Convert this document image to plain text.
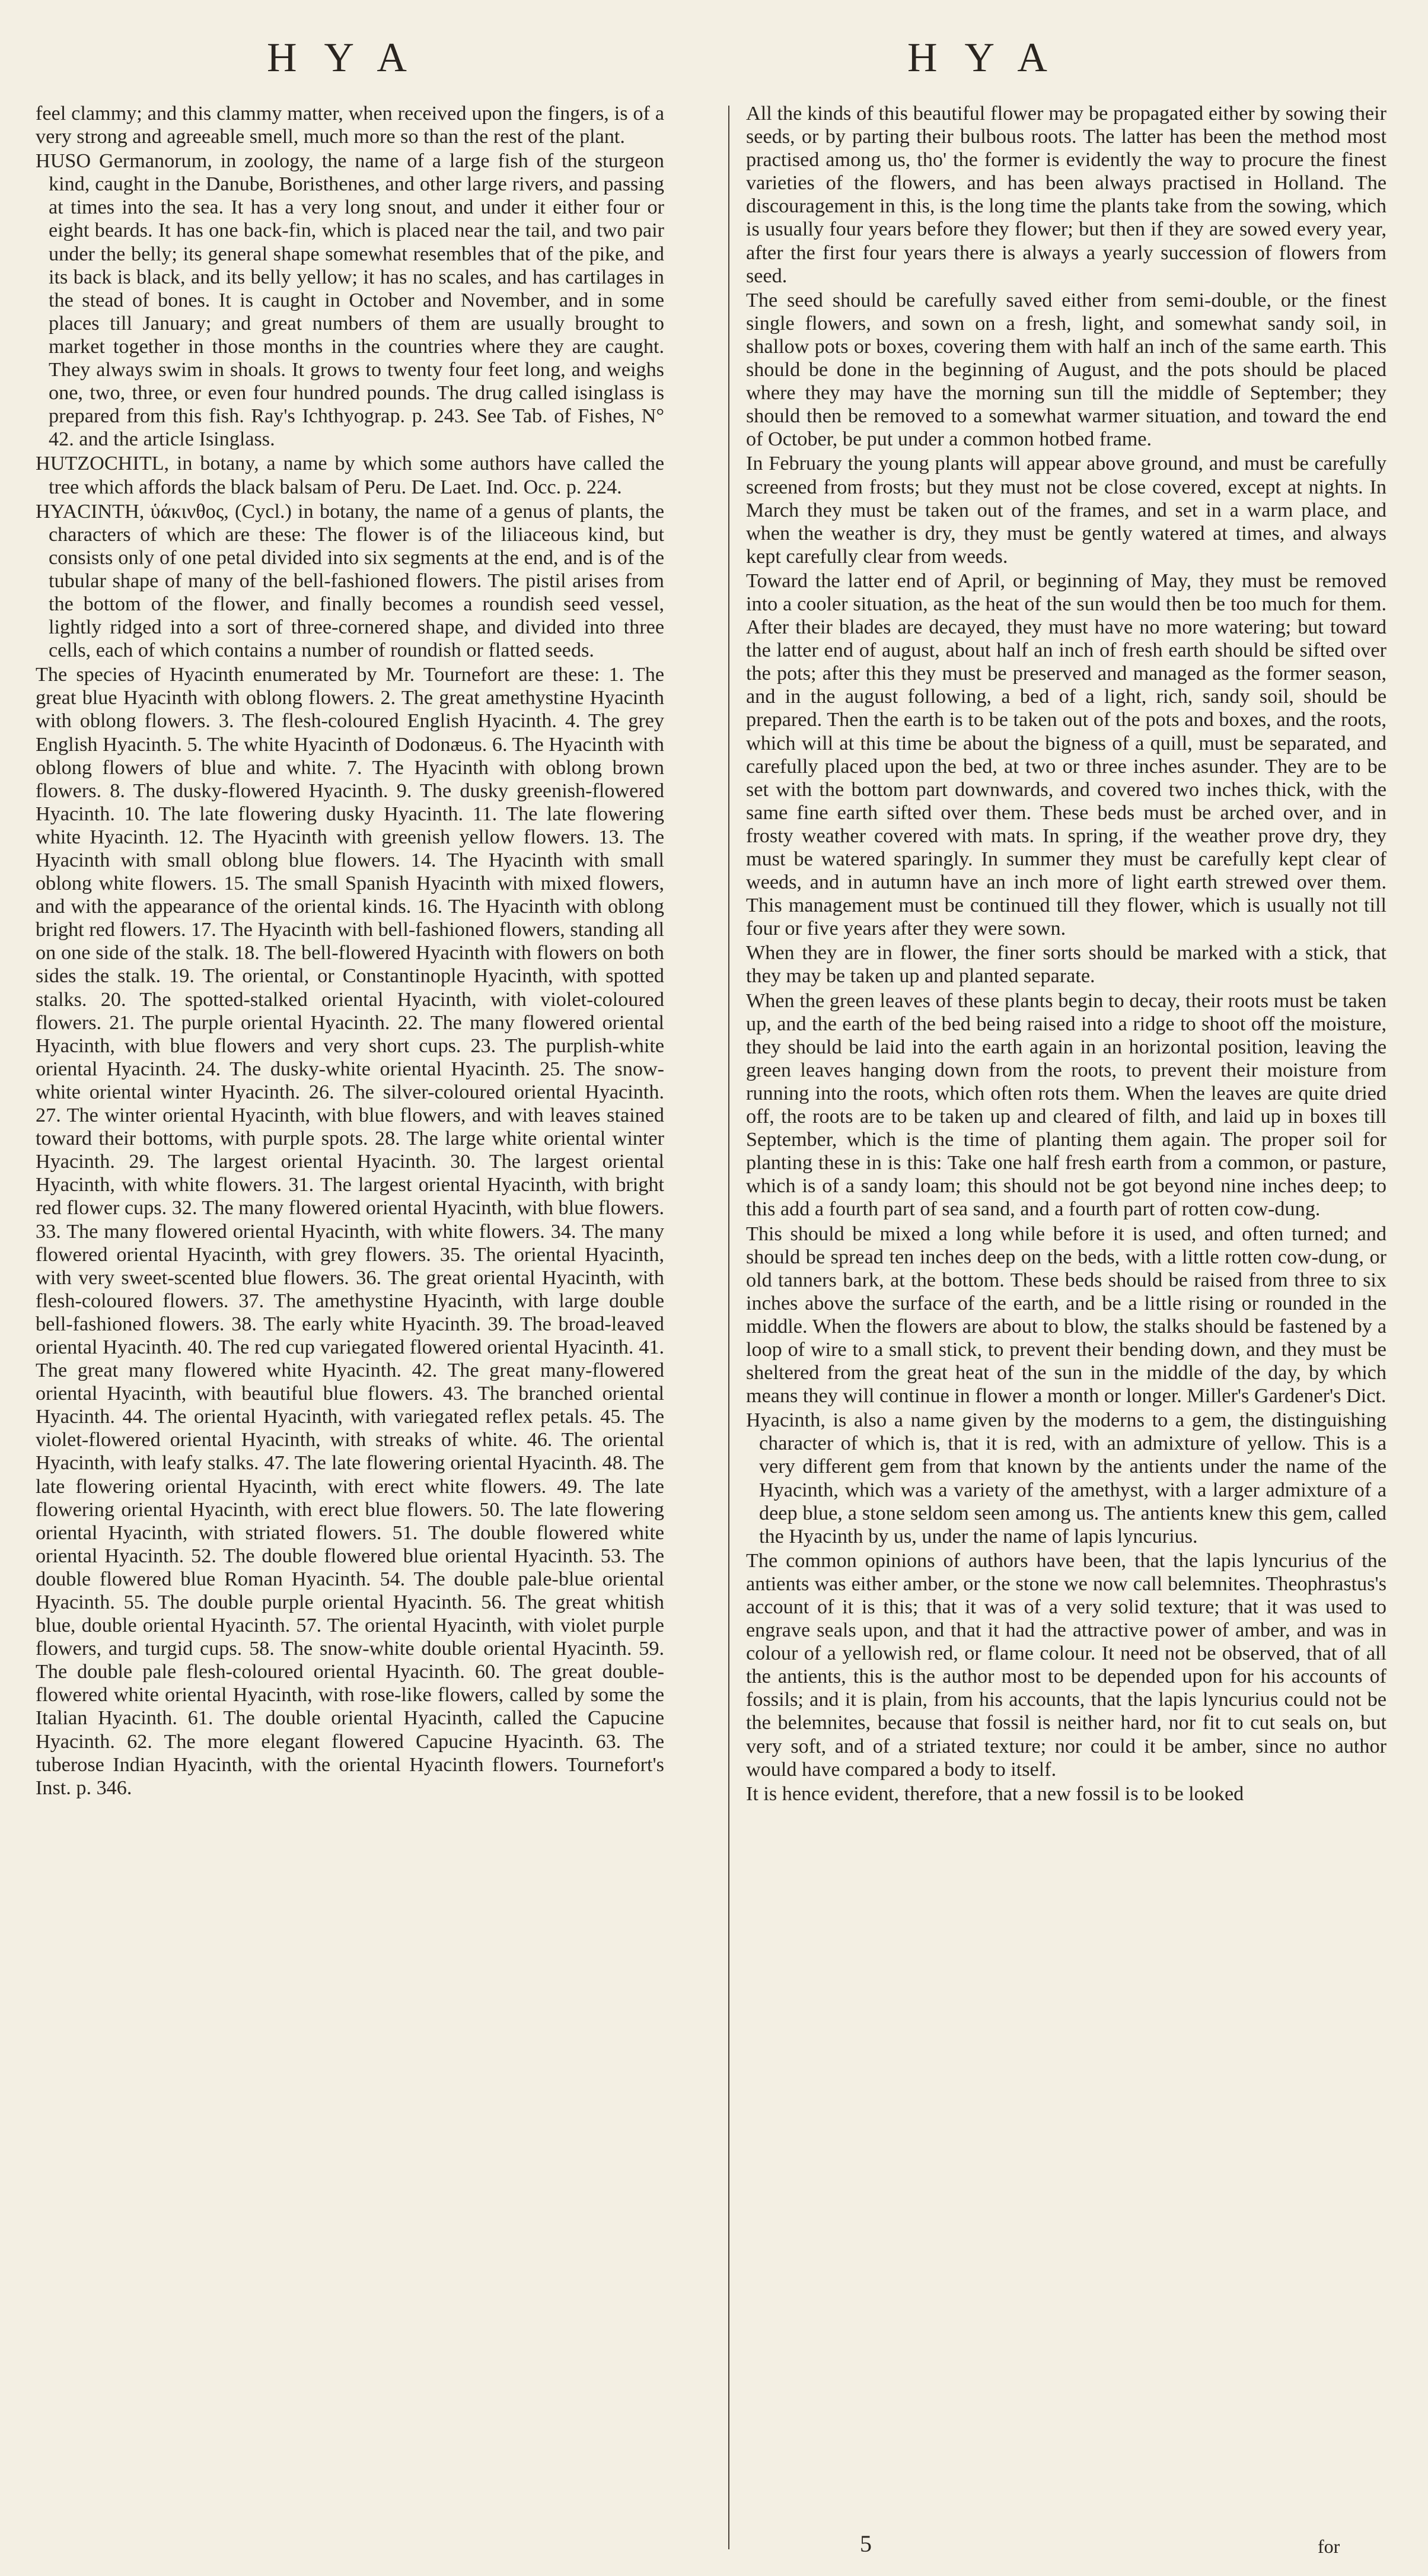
HYA	HYA

feel clammy; and this clammy matter, when received upon the fingers, is of a very strong and agreeable smell, much more so than the rest of the plant.

HUSO Germanorum, in zoology, the name of a large fish of the sturgeon kind, caught in the Danube, Boristhenes, and other large rivers, and passing at times into the sea. It has a very long snout, and under it either four or eight beards. It has one back-fin, which is placed near the tail, and two pair under the belly; its general shape somewhat resembles that of the pike, and its back is black, and its belly yellow; it has no scales, and has cartilages in the stead of bones. It is caught in October and November, and in some places till January; and great numbers of them are usually brought to market together in those months in the countries where they are caught. They always swim in shoals. It grows to twenty four feet long, and weighs one, two, three, or even four hundred pounds. The drug called isinglass is prepared from this fish. Ray's Ichthyograp. p. 243. See Tab. of Fishes, N° 42. and the article Isinglass.

HUTZOCHITL, in botany, a name by which some authors have called the tree which affords the black balsam of Peru. De Laet. Ind. Occ. p. 224.

HYACINTH, ὑάκινθος, (Cycl.) in botany, the name of a genus of plants, the characters of which are these: The flower is of the liliaceous kind, but consists only of one petal divided into six segments at the end, and is of the tubular shape of many of the bell-fashioned flowers. The pistil arises from the bottom of the flower, and finally becomes a roundish seed vessel, lightly ridged into a sort of three-cornered shape, and divided into three cells, each of which contains a number of roundish or flatted seeds.

The species of Hyacinth enumerated by Mr. Tournefort are these: 1. The great blue Hyacinth with oblong flowers. 2. The great amethystine Hyacinth with oblong flowers. 3. The flesh-coloured English Hyacinth. 4. The grey English Hyacinth. 5. The white Hyacinth of Dodonæus. 6. The Hyacinth with oblong flowers of blue and white. 7. The Hyacinth with oblong brown flowers. 8. The dusky-flowered Hyacinth. 9. The dusky greenish-flowered Hyacinth. 10. The late flowering dusky Hyacinth. 11. The late flowering white Hyacinth. 12. The Hyacinth with greenish yellow flowers. 13. The Hyacinth with small oblong blue flowers. 14. The Hyacinth with small oblong white flowers. 15. The small Spanish Hyacinth with mixed flowers, and with the appearance of the oriental kinds. 16. The Hyacinth with oblong bright red flowers. 17. The Hyacinth with bell-fashioned flowers, standing all on one side of the stalk. 18. The bell-flowered Hyacinth with flowers on both sides the stalk. 19. The oriental, or Constantinople Hyacinth, with spotted stalks. 20. The spotted-stalked oriental Hyacinth, with violet-coloured flowers. 21. The purple oriental Hyacinth. 22. The many flowered oriental Hyacinth, with blue flowers and very short cups. 23. The purplish-white oriental Hyacinth. 24. The dusky-white oriental Hyacinth. 25. The snow-white oriental winter Hyacinth. 26. The silver-coloured oriental Hyacinth. 27. The winter oriental Hyacinth, with blue flowers, and with leaves stained toward their bottoms, with purple spots. 28. The large white oriental winter Hyacinth. 29. The largest oriental Hyacinth. 30. The largest oriental Hyacinth, with white flowers. 31. The largest oriental Hyacinth, with bright red flower cups. 32. The many flowered oriental Hyacinth, with blue flowers. 33. The many flowered oriental Hyacinth, with white flowers. 34. The many flowered oriental Hyacinth, with grey flowers. 35. The oriental Hyacinth, with very sweet-scented blue flowers. 36. The great oriental Hyacinth, with flesh-coloured flowers. 37. The amethystine Hyacinth, with large double bell-fashioned flowers. 38. The early white Hyacinth. 39. The broad-leaved oriental Hyacinth. 40. The red cup variegated flowered oriental Hyacinth. 41. The great many flowered white Hyacinth. 42. The great many-flowered oriental Hyacinth, with beautiful blue flowers. 43. The branched oriental Hyacinth. 44. The oriental Hyacinth, with variegated reflex petals. 45. The violet-flowered oriental Hyacinth, with streaks of white. 46. The oriental Hyacinth, with leafy stalks. 47. The late flowering oriental Hyacinth. 48. The late flowering oriental Hyacinth, with erect white flowers. 49. The late flowering oriental Hyacinth, with erect blue flowers. 50. The late flowering oriental Hyacinth, with striated flowers. 51. The double flowered white oriental Hyacinth. 52. The double flowered blue oriental Hyacinth. 53. The double flowered blue Roman Hyacinth. 54. The double pale-blue oriental Hyacinth. 55. The double purple oriental Hyacinth. 56. The great whitish blue, double oriental Hyacinth. 57. The oriental Hyacinth, with violet purple flowers, and turgid cups. 58. The snow-white double oriental Hyacinth. 59. The double pale flesh-coloured oriental Hyacinth. 60. The great double-flowered white oriental Hyacinth, with rose-like flowers, called by some the Italian Hyacinth. 61. The double oriental Hyacinth, called the Capucine Hyacinth. 62. The more elegant flowered Capucine Hyacinth. 63. The tuberose Indian Hyacinth, with the oriental Hyacinth flowers. Tournefort's Inst. p. 346.

All the kinds of this beautiful flower may be propagated either by sowing their seeds, or by parting their bulbous roots. The latter has been the method most practised among us, tho' the former is evidently the way to procure the finest varieties of the flowers, and has been always practised in Holland. The discouragement in this, is the long time the plants take from the sowing, which is usually four years before they flower; but then if they are sowed every year, after the first four years there is always a yearly succession of flowers from seed.

The seed should be carefully saved either from semi-double, or the finest single flowers, and sown on a fresh, light, and somewhat sandy soil, in shallow pots or boxes, covering them with half an inch of the same earth. This should be done in the beginning of August, and the pots should be placed where they may have the morning sun till the middle of September; they should then be removed to a somewhat warmer situation, and toward the end of October, be put under a common hotbed frame.

In February the young plants will appear above ground, and must be carefully screened from frosts; but they must not be close covered, except at nights. In March they must be taken out of the frames, and set in a warm place, and when the weather is dry, they must be gently watered at times, and always kept carefully clear from weeds.

Toward the latter end of April, or beginning of May, they must be removed into a cooler situation, as the heat of the sun would then be too much for them. After their blades are decayed, they must have no more watering; but toward the latter end of august, about half an inch of fresh earth should be sifted over the pots; after this they must be preserved and managed as the former season, and in the august following, a bed of a light, rich, sandy soil, should be prepared. Then the earth is to be taken out of the pots and boxes, and the roots, which will at this time be about the bigness of a quill, must be separated, and carefully placed upon the bed, at two or three inches asunder. They are to be set with the bottom part downwards, and covered two inches thick, with the same fine earth sifted over them. These beds must be arched over, and in frosty weather covered with mats. In spring, if the weather prove dry, they must be watered sparingly. In summer they must be carefully kept clear of weeds, and in autumn have an inch more of light earth strewed over them. This management must be continued till they flower, which is usually not till four or five years after they were sown.

When they are in flower, the finer sorts should be marked with a stick, that they may be taken up and planted separate.

When the green leaves of these plants begin to decay, their roots must be taken up, and the earth of the bed being raised into a ridge to shoot off the moisture, they should be laid into the earth again in an horizontal position, leaving the green leaves hanging down from the roots, to prevent their moisture from running into the roots, which often rots them. When the leaves are quite dried off, the roots are to be taken up and cleared of filth, and laid up in boxes till September, which is the time of planting them again. The proper soil for planting these in is this: Take one half fresh earth from a common, or pasture, which is of a sandy loam; this should not be got beyond nine inches deep; to this add a fourth part of sea sand, and a fourth part of rotten cow-dung.

This should be mixed a long while before it is used, and often turned; and should be spread ten inches deep on the beds, with a little rotten cow-dung, or old tanners bark, at the bottom. These beds should be raised from three to six inches above the surface of the earth, and be a little rising or rounded in the middle. When the flowers are about to blow, the stalks should be fastened by a loop of wire to a small stick, to prevent their bending down, and they must be sheltered from the great heat of the sun in the middle of the day, by which means they will continue in flower a month or longer. Miller's Gardener's Dict.

Hyacinth, is also a name given by the moderns to a gem, the distinguishing character of which is, that it is red, with an admixture of yellow. This is a very different gem from that known by the antients under the name of the Hyacinth, which was a variety of the amethyst, with a larger admixture of a deep blue, a stone seldom seen among us. The antients knew this gem, called the Hyacinth by us, under the name of lapis lyncurius.

The common opinions of authors have been, that the lapis lyncurius of the antients was either amber, or the stone we now call belemnites. Theophrastus's account of it is this; that it was of a very solid texture; that it was used to engrave seals upon, and that it had the attractive power of amber, and was in colour of a yellowish red, or flame colour. It need not be observed, that of all the antients, this is the author most to be depended upon for his accounts of fossils; and it is plain, from his accounts, that the lapis lyncurius could not be the belemnites, because that fossil is neither hard, nor fit to cut seals on, but very soft, and of a striated texture; nor could it be amber, since no author would have compared a body to itself.

It is hence evident, therefore, that a new fossil is to be looked

5	for
